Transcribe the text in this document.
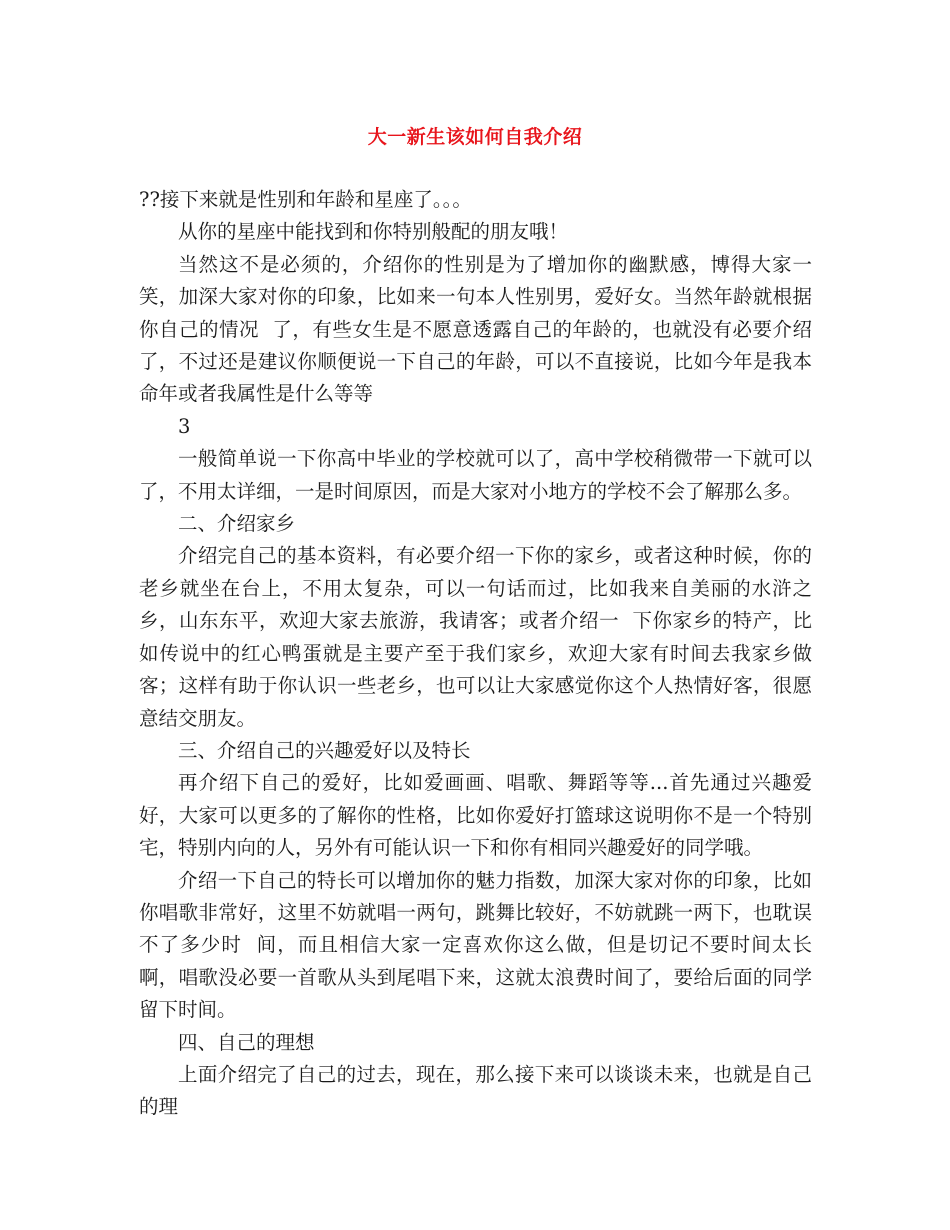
大一新生该如何自我介绍

??接下来就是性别和年龄和星座了。。。

从你的星座中能找到和你特别般配的朋友哦！

当然这不是必须的，介绍你的性别是为了增加你的幽默感，博得大家一笑，加深大家对你的印象，比如来一句本人性别男，爱好女。当然年龄就根据你自己的情况  了，有些女生是不愿意透露自己的年龄的，也就没有必要介绍了，不过还是建议你顺便说一下自己的年龄，可以不直接说，比如今年是我本命年或者我属性是什么等等

3

一般简单说一下你高中毕业的学校就可以了，高中学校稍微带一下就可以了，不用太详细，一是时间原因，而是大家对小地方的学校不会了解那么多。

二、介绍家乡

介绍完自己的基本资料，有必要介绍一下你的家乡，或者这种时候，你的老乡就坐在台上，不用太复杂，可以一句话而过，比如我来自美丽的水浒之乡，山东东平，欢迎大家去旅游，我请客；或者介绍一  下你家乡的特产，比如传说中的红心鸭蛋就是主要产至于我们家乡，欢迎大家有时间去我家乡做客；这样有助于你认识一些老乡，也可以让大家感觉你这个人热情好客，很愿意结交朋友。

三、介绍自己的兴趣爱好以及特长

再介绍下自己的爱好，比如爱画画、唱歌、舞蹈等等...首先通过兴趣爱好，大家可以更多的了解你的性格，比如你爱好打篮球这说明你不是一个特别宅，特别内向的人，另外有可能认识一下和你有相同兴趣爱好的同学哦。

介绍一下自己的特长可以增加你的魅力指数，加深大家对你的印象，比如你唱歌非常好，这里不妨就唱一两句，跳舞比较好，不妨就跳一两下，也耽误不了多少时  间，而且相信大家一定喜欢你这么做，但是切记不要时间太长啊，唱歌没必要一首歌从头到尾唱下来，这就太浪费时间了，要给后面的同学留下时间。

四、自己的理想

上面介绍完了自己的过去，现在，那么接下来可以谈谈未来，也就是自己的理
